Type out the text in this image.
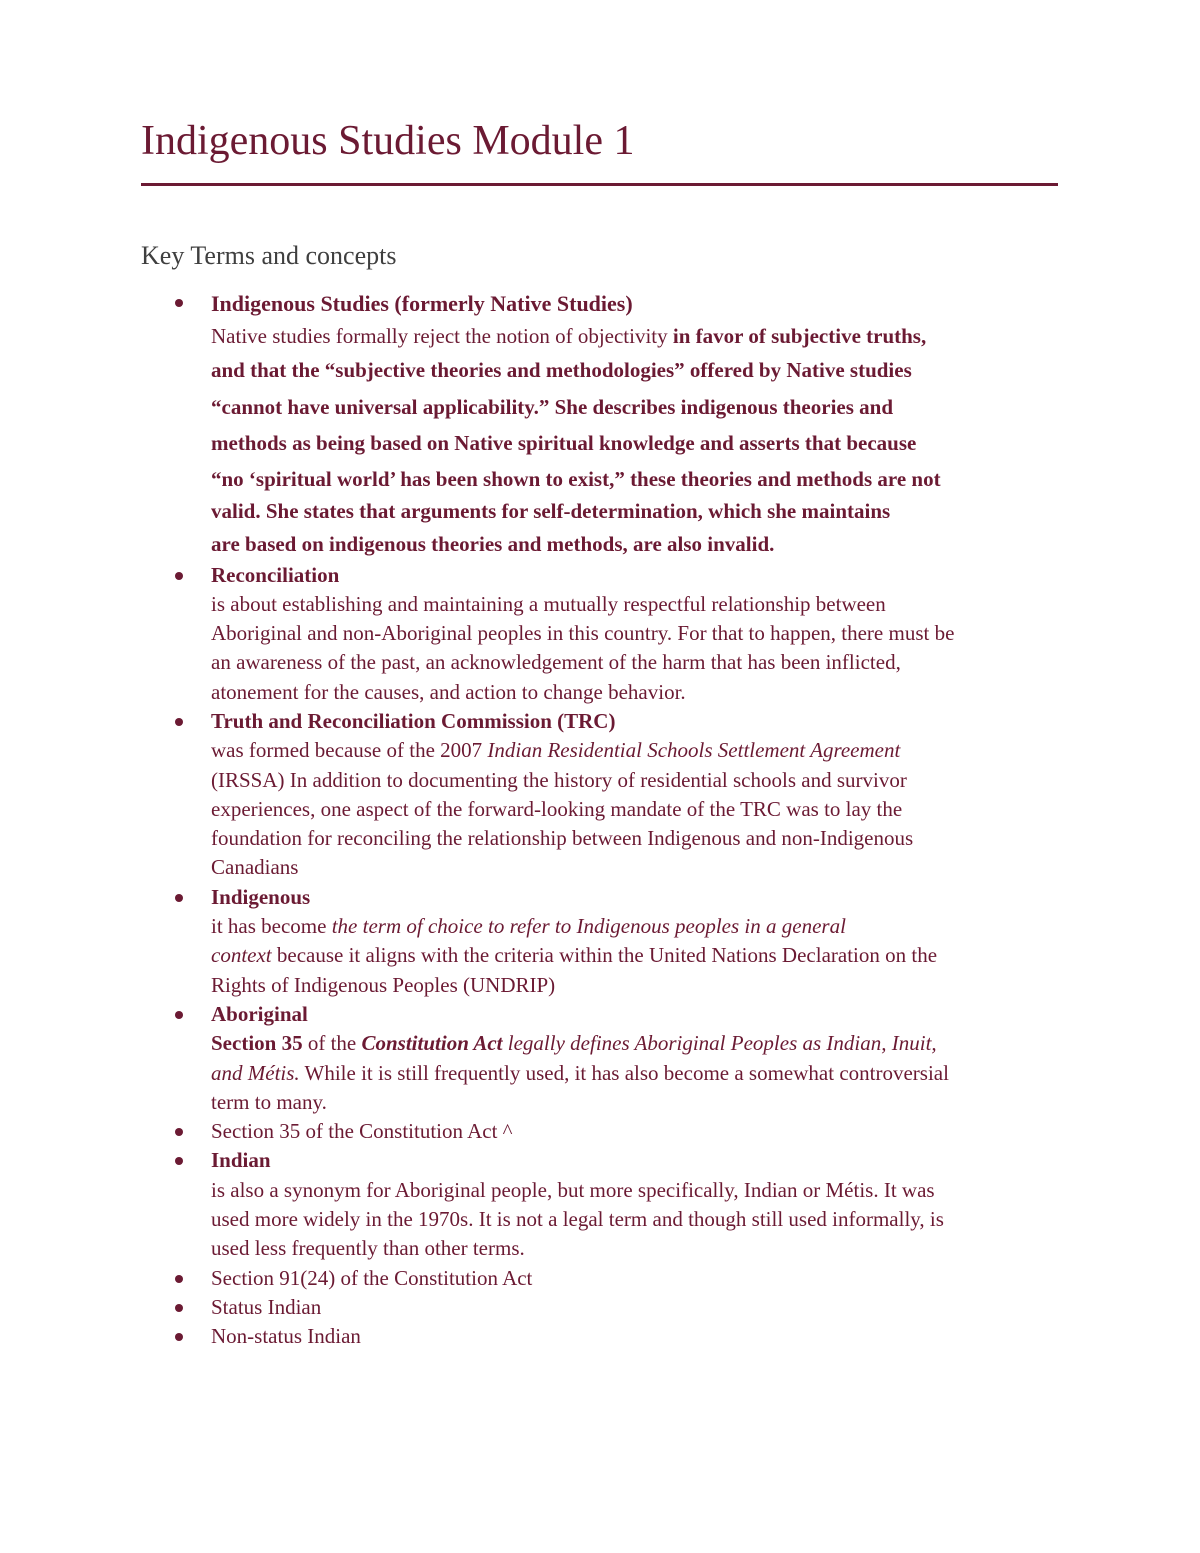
Indigenous Studies Module 1
Key Terms and concepts
Indigenous Studies (formerly Native Studies)
Native studies formally reject the notion of objectivity in favor of subjective truths,
and that the “subjective theories and methodologies” offered by Native studies
“cannot have universal applicability.” She describes indigenous theories and
methods as being based on Native spiritual knowledge and asserts that because
“no ‘spiritual world’ has been shown to exist,” these theories and methods are not
valid. She states that arguments for self-determination, which she maintains
are based on indigenous theories and methods, are also invalid.
Reconciliation
is about establishing and maintaining a mutually respectful relationship between
Aboriginal and non-Aboriginal peoples in this country. For that to happen, there must be
an awareness of the past, an acknowledgement of the harm that has been inflicted,
atonement for the causes, and action to change behavior.
Truth and Reconciliation Commission (TRC)
was formed because of the 2007 Indian Residential Schools Settlement Agreement
(IRSSA) In addition to documenting the history of residential schools and survivor
experiences, one aspect of the forward-looking mandate of the TRC was to lay the
foundation for reconciling the relationship between Indigenous and non-Indigenous
Canadians
Indigenous
it has become the term of choice to refer to Indigenous peoples in a general
context because it aligns with the criteria within the United Nations Declaration on the
Rights of Indigenous Peoples (UNDRIP)
Aboriginal
Section 35 of the Constitution Act legally defines Aboriginal Peoples as Indian, Inuit,
and Métis. While it is still frequently used, it has also become a somewhat controversial
term to many.
Section 35 of the Constitution Act ^
Indian
is also a synonym for Aboriginal people, but more specifically, Indian or Métis. It was
used more widely in the 1970s. It is not a legal term and though still used informally, is
used less frequently than other terms.
Section 91(24) of the Constitution Act
Status Indian
Non-status Indian
